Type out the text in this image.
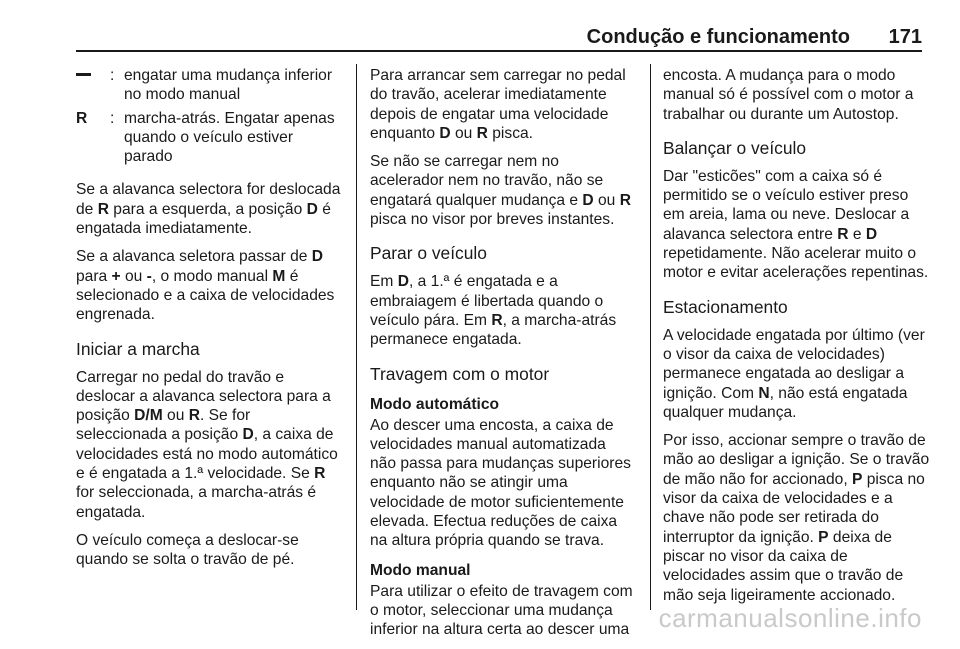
Condução e funcionamento 171
: engatar uma mudança inferior no modo manual
R	: marcha-atrás. Engatar apenas quando o veículo estiver parado

Se a alavanca selectora for deslocada de R para a esquerda, a posição D é engatada imediatamente.

Se a alavanca seletora passar de D para + ou -, o modo manual M é selecionado e a caixa de velocidades engrenada.

Iniciar a marcha

Carregar no pedal do travão e deslocar a alavanca selectora para a posição D/M ou R. Se for seleccionada a posição D, a caixa de velocidades está no modo automático e é engatada a 1.ª velocidade. Se R for seleccionada, a marcha-atrás é engatada.

O veículo começa a deslocar-se quando se solta o travão de pé.

Para arrancar sem carregar no pedal do travão, acelerar imediatamente depois de engatar uma velocidade enquanto D ou R pisca.

Se não se carregar nem no acelerador nem no travão, não se engatará qualquer mudança e D ou R pisca no visor por breves instantes.

Parar o veículo

Em D, a 1.ª é engatada e a embraiagem é libertada quando o veículo pára. Em R, a marcha-atrás permanece engatada.

Travagem com o motor
Modo automático

Ao descer uma encosta, a caixa de velocidades manual automatizada não passa para mudanças superiores enquanto não se atingir uma velocidade de motor suficientemente elevada. Efectua reduções de caixa na altura própria quando se trava.

Modo manual

Para utilizar o efeito de travagem com o motor, seleccionar uma mudança inferior na altura certa ao descer uma

encosta. A mudança para o modo manual só é possível com o motor a trabalhar ou durante um Autostop.

Balançar o veículo

Dar "esticões" com a caixa só é permitido se o veículo estiver preso em areia, lama ou neve. Deslocar a alavanca selectora entre R e D repetidamente. Não acelerar muito o motor e evitar acelerações repentinas.

Estacionamento

A velocidade engatada por último (ver o visor da caixa de velocidades) permanece engatada ao desligar a ignição. Com N, não está engatada qualquer mudança.

Por isso, accionar sempre o travão de mão ao desligar a ignição. Se o travão de mão não for accionado, P pisca no visor da caixa de velocidades e a chave não pode ser retirada do interruptor da ignição. P deixa de piscar no visor da caixa de velocidades assim que o travão de mão seja ligeiramente accionado.

carmanualsonline.info
